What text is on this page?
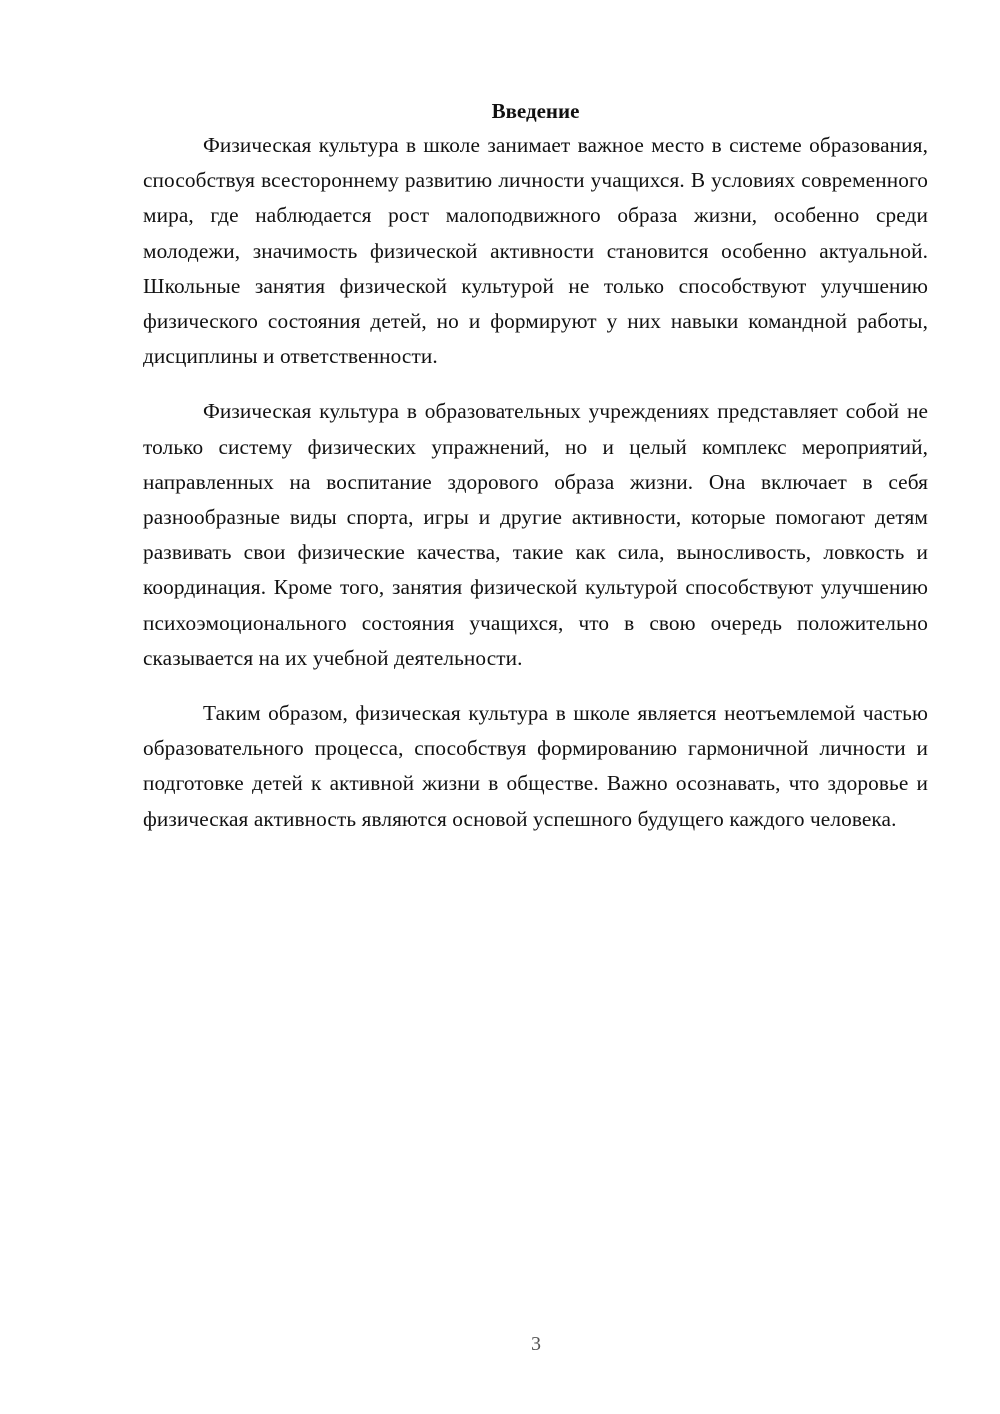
Введение

Физическая культура в школе занимает важное место в системе образования, способствуя всестороннему развитию личности учащихся. В условиях современного мира, где наблюдается рост малоподвижного образа жизни, особенно среди молодежи, значимость физической активности становится особенно актуальной. Школьные занятия физической культурой не только способствуют улучшению физического состояния детей, но и формируют у них навыки командной работы, дисциплины и ответственности.

Физическая культура в образовательных учреждениях представляет собой не только систему физических упражнений, но и целый комплекс мероприятий, направленных на воспитание здорового образа жизни. Она включает в себя разнообразные виды спорта, игры и другие активности, которые помогают детям развивать свои физические качества, такие как сила, выносливость, ловкость и координация. Кроме того, занятия физической культурой способствуют улучшению психоэмоционального состояния учащихся, что в свою очередь положительно сказывается на их учебной деятельности.

Таким образом, физическая культура в школе является неотъемлемой частью образовательного процесса, способствуя формированию гармоничной личности и подготовке детей к активной жизни в обществе. Важно осознавать, что здоровье и физическая активность являются основой успешного будущего каждого человека.

3
